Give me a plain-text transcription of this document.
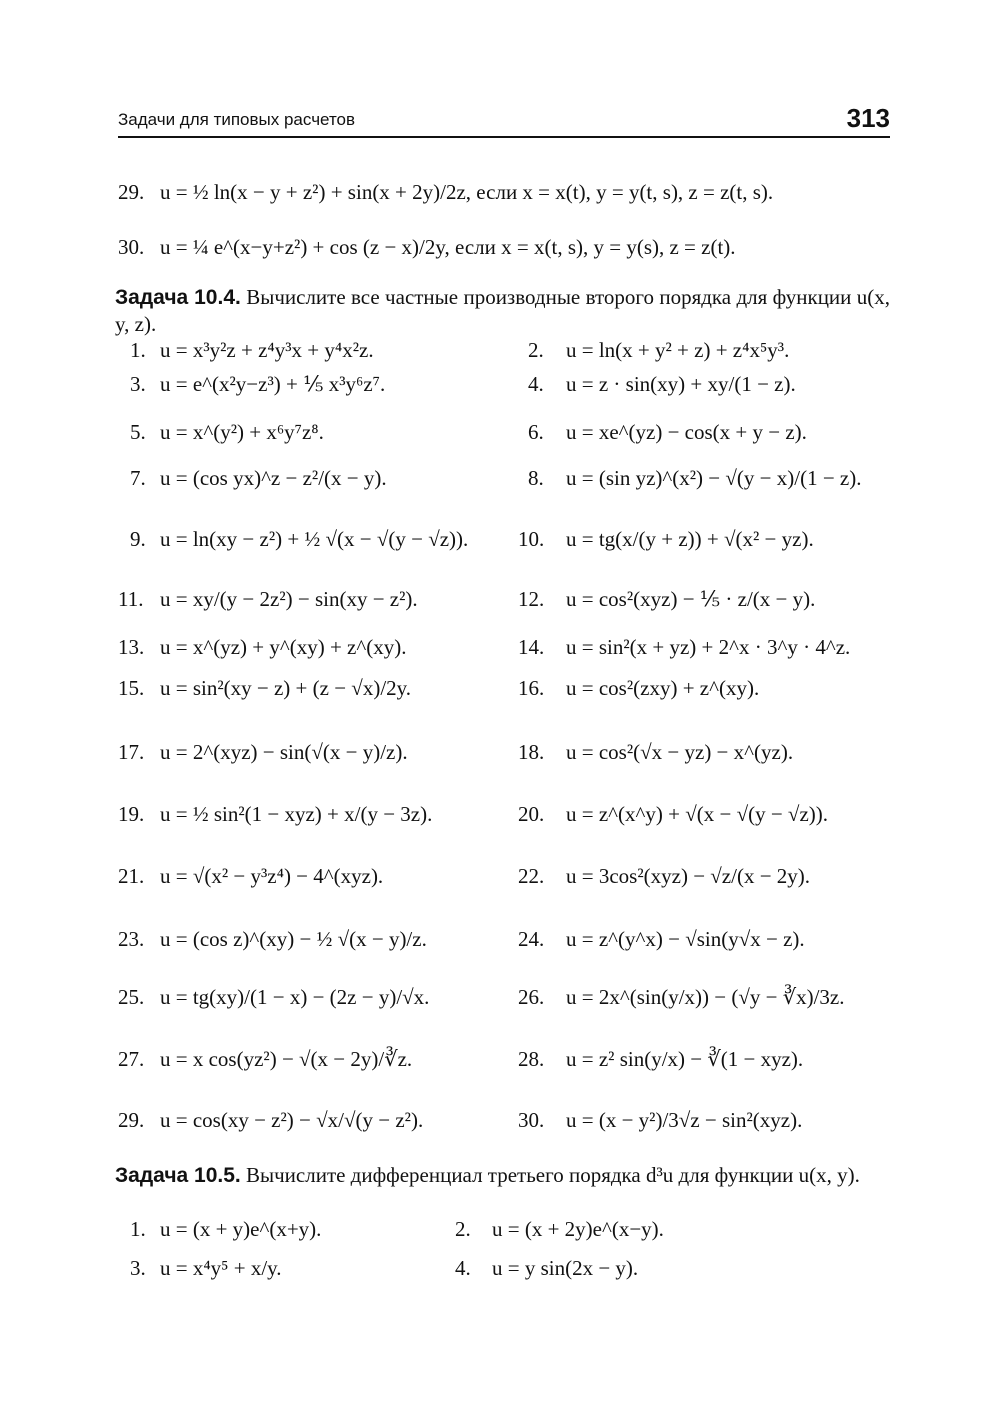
Задачи для типовых расчетов	313
29. u = ½ ln(x − y + z²) + sin(x + 2y)/2z, если x = x(t), y = y(t, s), z = z(t, s).
30. u = ¼ e^(x−y+z²) + cos (z − x)/2y, если x = x(t, s), y = y(s), z = z(t).
Задача 10.4. Вычислите все частные производные второго порядка для функции u(x, y, z).
1. u = x³y²z + z⁴y³x + y⁴x²z.	2. u = ln(x + y² + z) + z⁴x⁵y³.
3. u = e^(x²y−z³) + ⅕ x³y⁶z⁷.	4. u = z · sin(xy) + xy/(1 − z).
5. u = x^(y²) + x⁶y⁷z⁸.	6. u = xe^(yz) − cos(x + y − z).
7. u = (cos yx)^z − z²/(x − y).	8. u = (sin yz)^(x²) − √(y − x)/(1 − z).
9. u = ln(xy − z²) + ½ √(x − √(y − √z)). 10. u = tg(x/(y + z)) + √(x² − yz).
11. u = xy/(y − 2z²) − sin(xy − z²).	12. u = cos²(xyz) − ⅕ · z/(x − y).
13. u = x^(yz) + y^(xy) + z^(xy).	14. u = sin²(x + yz) + 2^x · 3^y · 4^z.
15. u = sin²(xy − z) + (z − √x)/2y.	16. u = cos²(zxy) + z^(xy).
17. u = 2^(xyz) − sin(√(x − y)/z).	18. u = cos²(√x − yz) − x^(yz).
19. u = ½ sin²(1 − xyz) + x/(y − 3z).	20. u = z^(x^y) + √(x − √(y − √z)).
21. u = √(x² − y³z⁴) − 4^(xyz).	22. u = 3cos²(xyz) − √z/(x − 2y).
23. u = (cos z)^(xy) − ½ √(x − y)/z.	24. u = z^(y^x) − √sin(y√x − z).
25. u = tg(xy)/(1 − x) − (2z − y)/√x.	26. u = 2x^(sin(y/x)) − (√y − ∛x)/3z.
27. u = x cos(yz²) − √(x − 2y)/∛z.	28. u = z² sin(y/x) − ∛(1 − xyz).
29. u = cos(xy − z²) − √x/√(y − z²).	30. u = (x − y²)/3√z − sin²(xyz).
Задача 10.5. Вычислите дифференциал третьего порядка d³u для функции u(x, y).
1. u = (x + y)e^(x+y).	2. u = (x + 2y)e^(x−y).
3. u = x⁴y⁵ + x/y.	4. u = y sin(2x − y).
